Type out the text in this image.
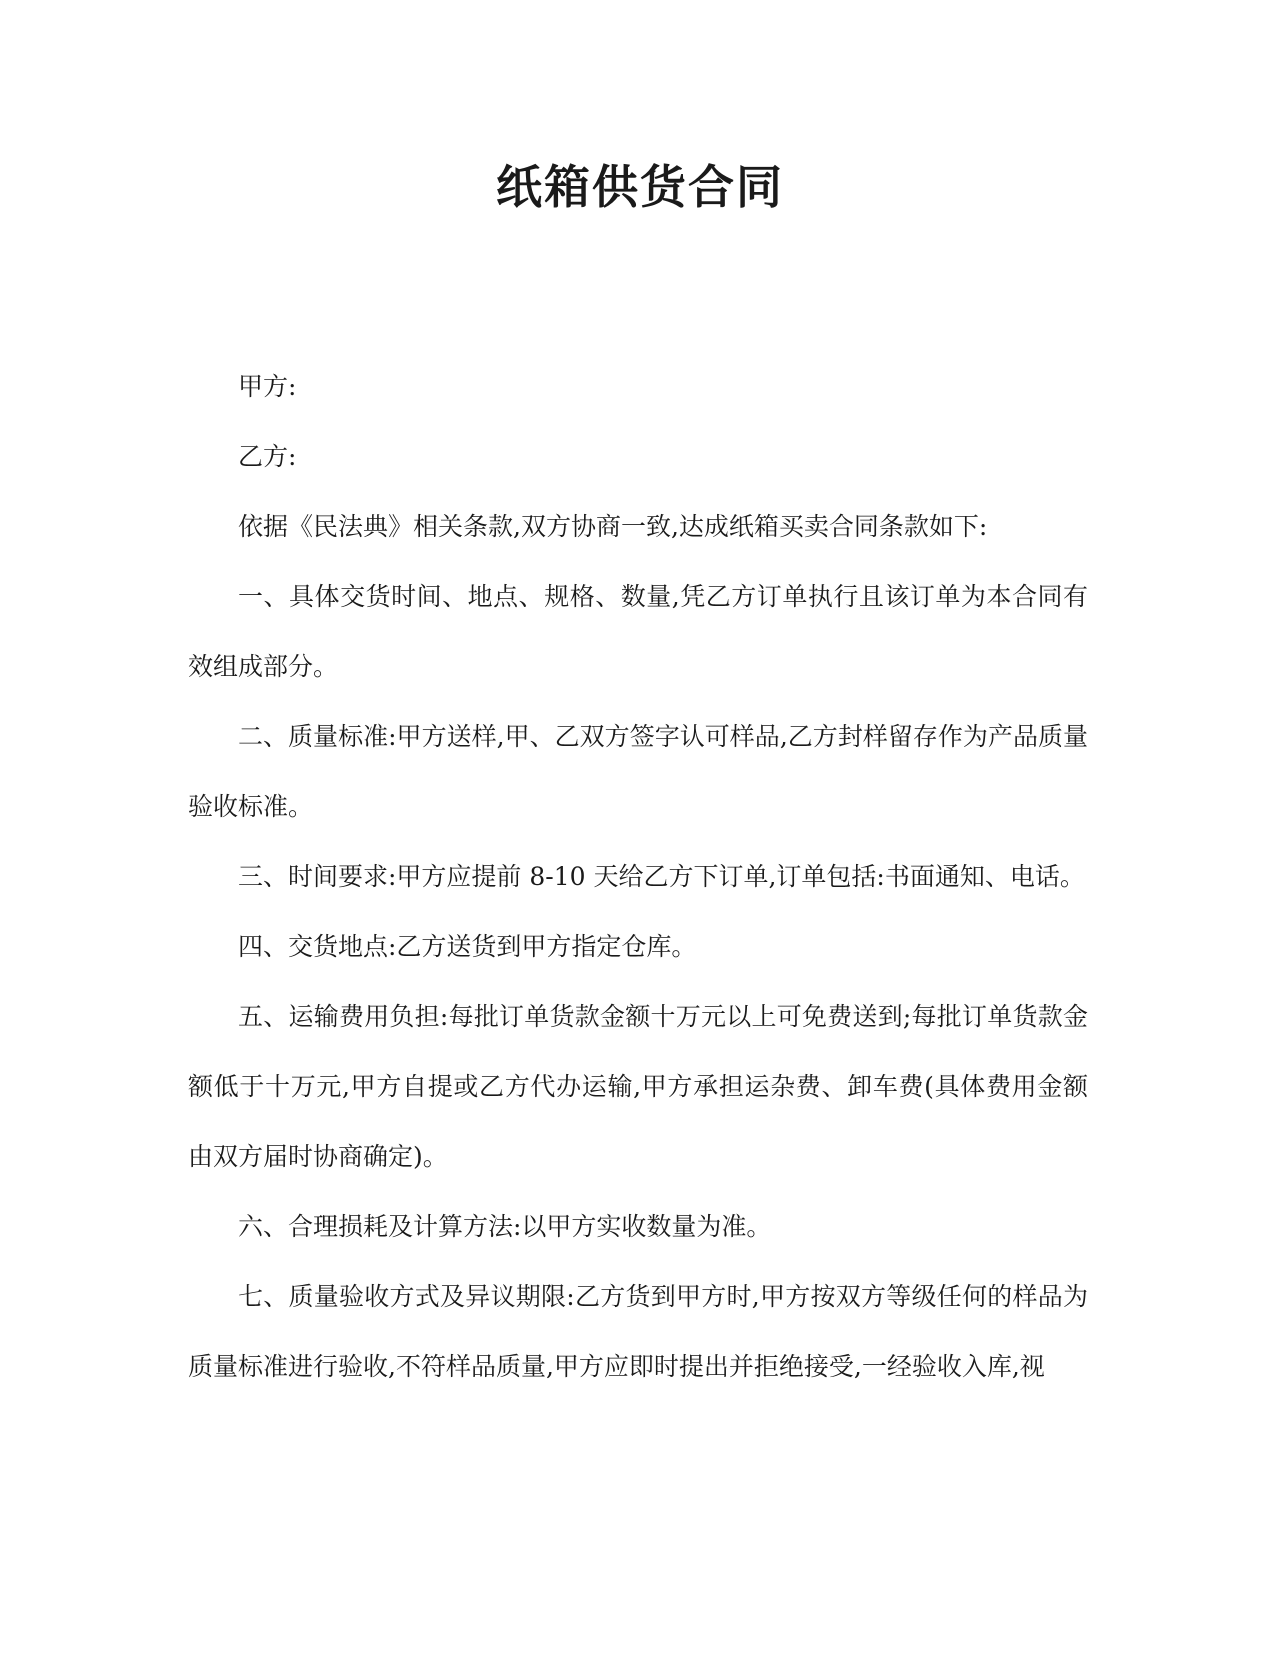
纸箱供货合同

甲方:

乙方:

依据《民法典》相关条款,双方协商一致,达成纸箱买卖合同条款如下:

一、具体交货时间、地点、规格、数量,凭乙方订单执行且该订单为本合同有效组成部分。

二、质量标准:甲方送样,甲、乙双方签字认可样品,乙方封样留存作为产品质量验收标准。

三、时间要求:甲方应提前 8-10 天给乙方下订单,订单包括:书面通知、电话。

四、交货地点:乙方送货到甲方指定仓库。

五、运输费用负担:每批订单货款金额十万元以上可免费送到;每批订单货款金额低于十万元,甲方自提或乙方代办运输,甲方承担运杂费、卸车费(具体费用金额由双方届时协商确定)。

六、合理损耗及计算方法:以甲方实收数量为准。

七、质量验收方式及异议期限:乙方货到甲方时,甲方按双方等级任何的样品为质量标准进行验收,不符样品质量,甲方应即时提出并拒绝接受,一经验收入库,视
